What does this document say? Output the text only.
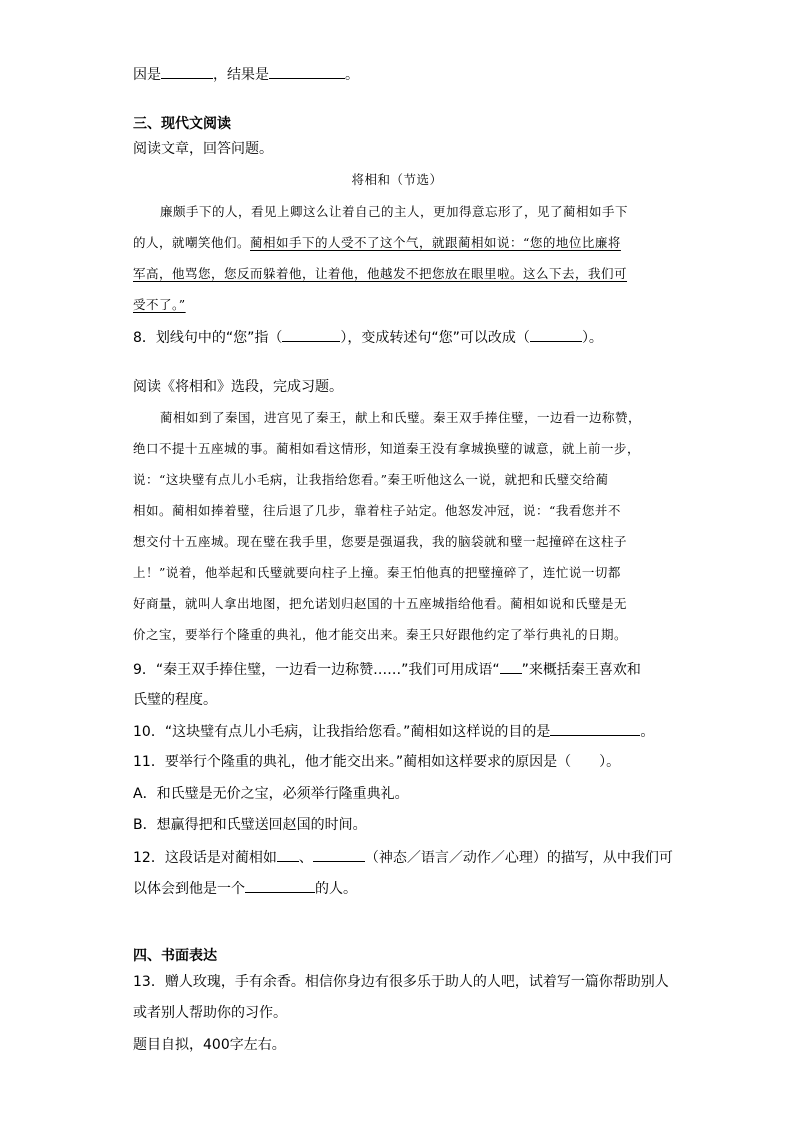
因是	，结果是	。
三、现代文阅读
阅读文章，回答问题。
将相和（节选）
廉颇手下的人，看见上卿这么让着自己的主人，更加得意忘形了，见了蔺相如手下
的人，就嘲笑他们。蔺相如手下的人受不了这个气，就跟蔺相如说：“您的地位比廉将
军高，他骂您，您反而躲着他，让着他，他越发不把您放在眼里啦。这么下去，我们可
受不了。”
8．划线句中的“您”指（	），变成转述句“您”可以改成（	）。
阅读《将相和》选段，完成习题。
蔺相如到了秦国，进宫见了秦王，献上和氏璧。秦王双手捧住璧，一边看一边称赞，
绝口不提十五座城的事。蔺相如看这情形，知道秦王没有拿城换璧的诚意，就上前一步，
说：“这块璧有点儿小毛病，让我指给您看。”秦王听他这么一说，就把和氏璧交给蔺
相如。蔺相如捧着璧，往后退了几步，靠着柱子站定。他怒发冲冠，说：“我看您并不
想交付十五座城。现在璧在我手里，您要是强逼我，我的脑袋就和璧一起撞碎在这柱子
上！”说着，他举起和氏璧就要向柱子上撞。秦王怕他真的把璧撞碎了，连忙说一切都
好商量，就叫人拿出地图，把允诺划归赵国的十五座城指给他看。蔺相如说和氏璧是无
价之宝，要举行个隆重的典礼，他才能交出来。秦王只好跟他约定了举行典礼的日期。
9．“秦王双手捧住璧，一边看一边称赞……”我们可用成语“ ”来概括秦王喜欢和
氏璧的程度。
10．“这块璧有点儿小毛病，让我指给您看。”蔺相如这样说的目的是	。
11．要举行个隆重的典礼，他才能交出来。”蔺相如这样要求的原因是（　　）。
A．和氏璧是无价之宝，必须举行隆重典礼。
B．想赢得把和氏璧送回赵国的时间。
12．这段话是对蔺相如 、	（神态／语言／动作／心理）的描写，从中我们可
以体会到他是一个	的人。
四、书面表达
13．赠人玫瑰，手有余香。相信你身边有很多乐于助人的人吧，试着写一篇你帮助别人
或者别人帮助你的习作。
题目自拟，400字左右。
